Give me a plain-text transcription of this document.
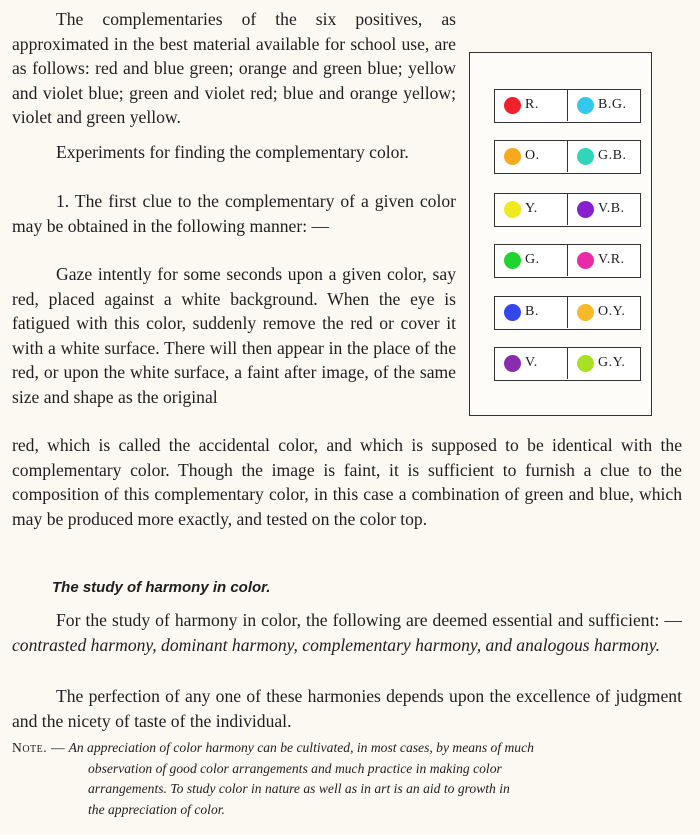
The complementaries of the six positives, as approximated in the best material available for school use, are as follows: red and blue green; orange and green blue; yellow and violet blue; green and violet red; blue and orange yellow; violet and green yellow.

Experiments for finding the complementary color.

1. The first clue to the complementary of a given color may be obtained in the following manner: —

Gaze intently for some seconds upon a given color, say red, placed against a white background. When the eye is fatigued with this color, suddenly remove the red or cover it with a white surface. There will then appear in the place of the red, or upon the white surface, a faint after image, of the same size and shape as the original

red, which is called the accidental color, and which is supposed to be identical with the complementary color. Though the image is faint, it is sufficient to furnish a clue to the composition of this complementary color, in this case a combination of green and blue, which may be produced more exactly, and tested on the color top.

R.	B.G.
O.	G.B.
Y.	V.B.
G.	V.R.
B.	O.Y.
V.	G.Y.

The study of harmony in color.

For the study of harmony in color, the following are deemed essential and sufficient: — contrasted harmony, dominant harmony, complementary harmony, and analogous harmony.

The perfection of any one of these harmonies depends upon the excellence of judgment and the nicety of taste of the individual.

Note. — An appreciation of color harmony can be cultivated, in most cases, by means of much
observation of good color arrangements and much practice in making color
arrangements. To study color in nature as well as in art is an aid to growth in
the appreciation of color.
